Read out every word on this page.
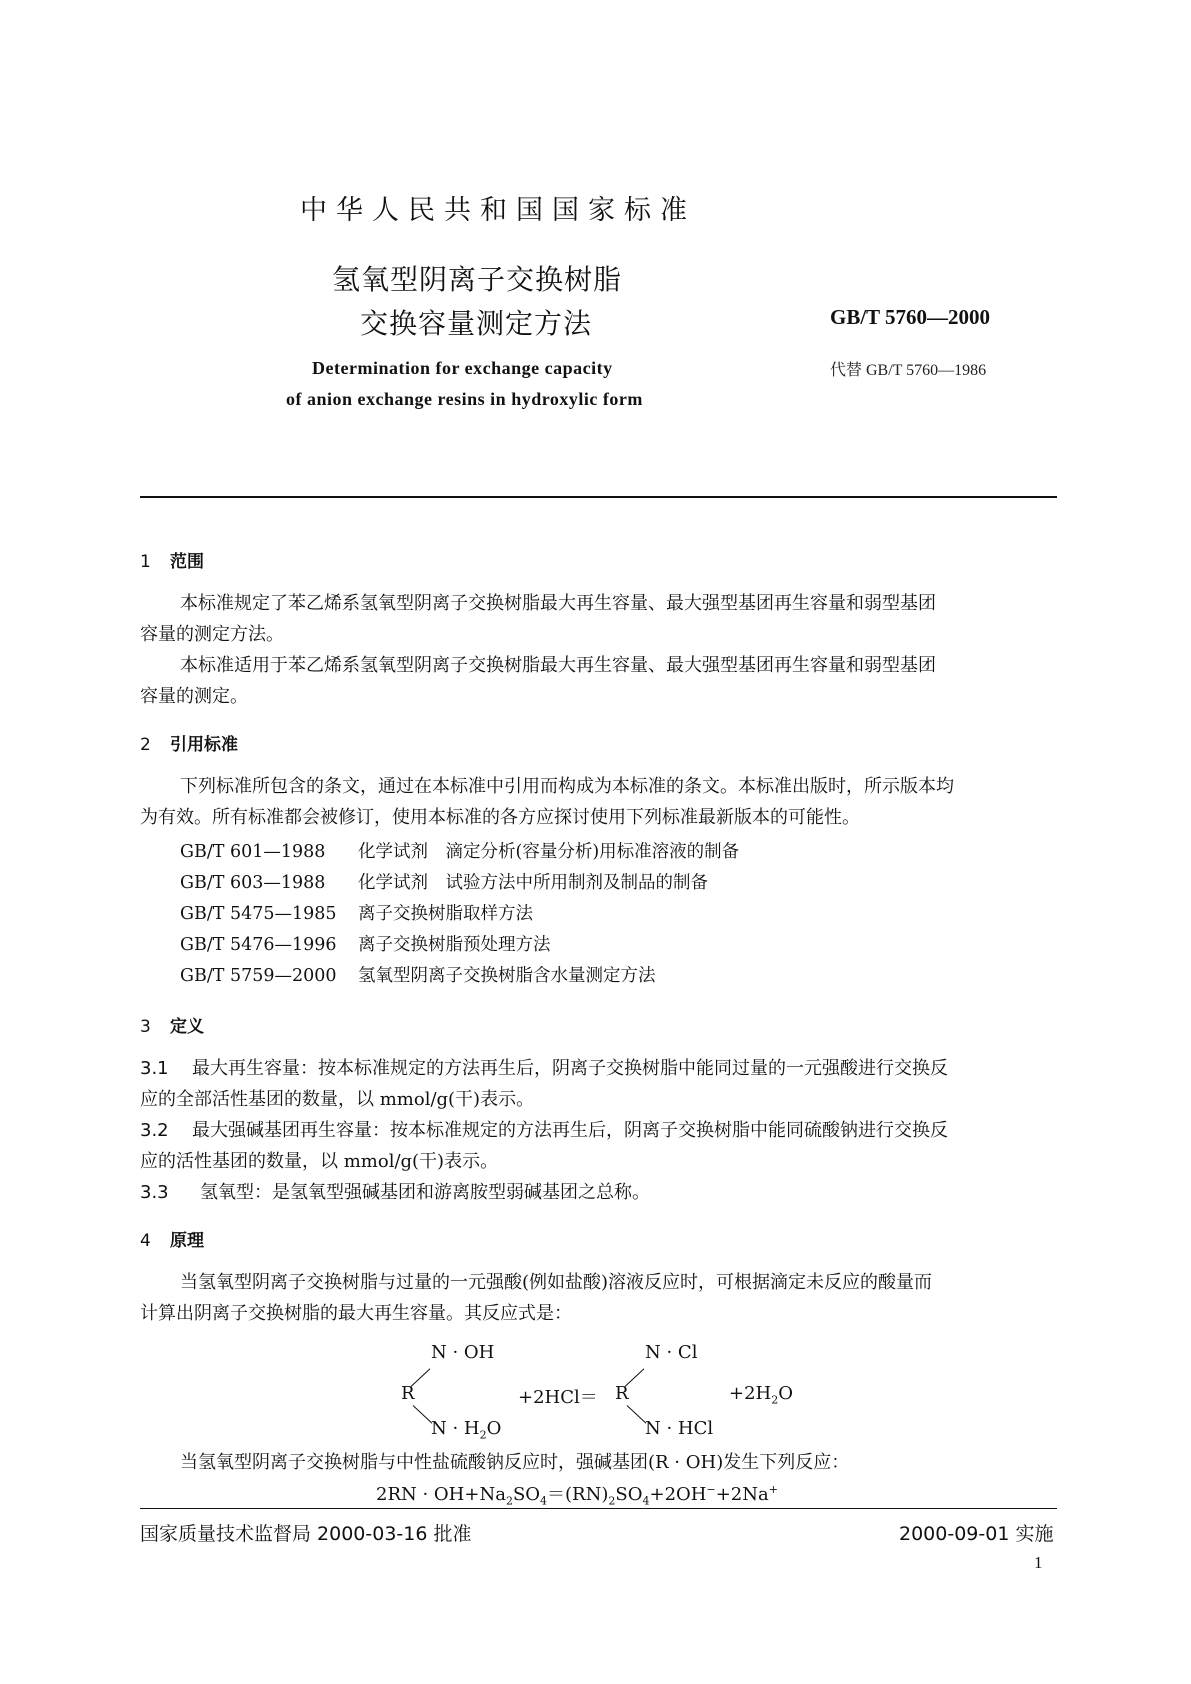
中华人民共和国国家标准
氢氧型阴离子交换树脂
交换容量测定方法	GB/T 5760—2000
代替 GB/T 5760—1986
Determination for exchange capacity
of anion exchange resins in hydroxylic form
1 范围
本标准规定了苯乙烯系氢氧型阴离子交换树脂最大再生容量、最大强型基团再生容量和弱型基团
容量的测定方法。
本标准适用于苯乙烯系氢氧型阴离子交换树脂最大再生容量、最大强型基团再生容量和弱型基团
容量的测定。
2 引用标准
下列标准所包含的条文，通过在本标准中引用而构成为本标准的条文。本标准出版时，所示版本均
为有效。所有标准都会被修订，使用本标准的各方应探讨使用下列标准最新版本的可能性。
GB/T 601—1988 化学试剂　滴定分析(容量分析)用标准溶液的制备
GB/T 603—1988 化学试剂　试验方法中所用制剂及制品的制备
GB/T 5475—1985 离子交换树脂取样方法
GB/T 5476—1996 离子交换树脂预处理方法
GB/T 5759—2000 氢氧型阴离子交换树脂含水量测定方法
3 定义
3.1 最大再生容量：按本标准规定的方法再生后，阴离子交换树脂中能同过量的一元强酸进行交换反
应的全部活性基团的数量，以 mmol/g(干)表示。
3.2 最大强碱基团再生容量：按本标准规定的方法再生后，阴离子交换树脂中能同硫酸钠进行交换反
应的活性基团的数量，以 mmol/g(干)表示。
3.3 氢氧型：是氢氧型强碱基团和游离胺型弱碱基团之总称。
4 原理
当氢氧型阴离子交换树脂与过量的一元强酸(例如盐酸)溶液反应时，可根据滴定未反应的酸量而
计算出阴离子交换树脂的最大再生容量。其反应式是：
N · OH
R
$N \cdot H_2O$
+2HCl＝ R
N · Cl
N · HCl
$+2H_2O$
当氢氧型阴离子交换树脂与中性盐硫酸钠反应时，强碱基团(R · OH)发生下列反应：
$2RN \cdot OH+Na_2SO_4=(RN)_2SO_4+2OH^-+2Na^+$
国家质量技术监督局 2000-03-16 批准	2000-09-01 实施
1
